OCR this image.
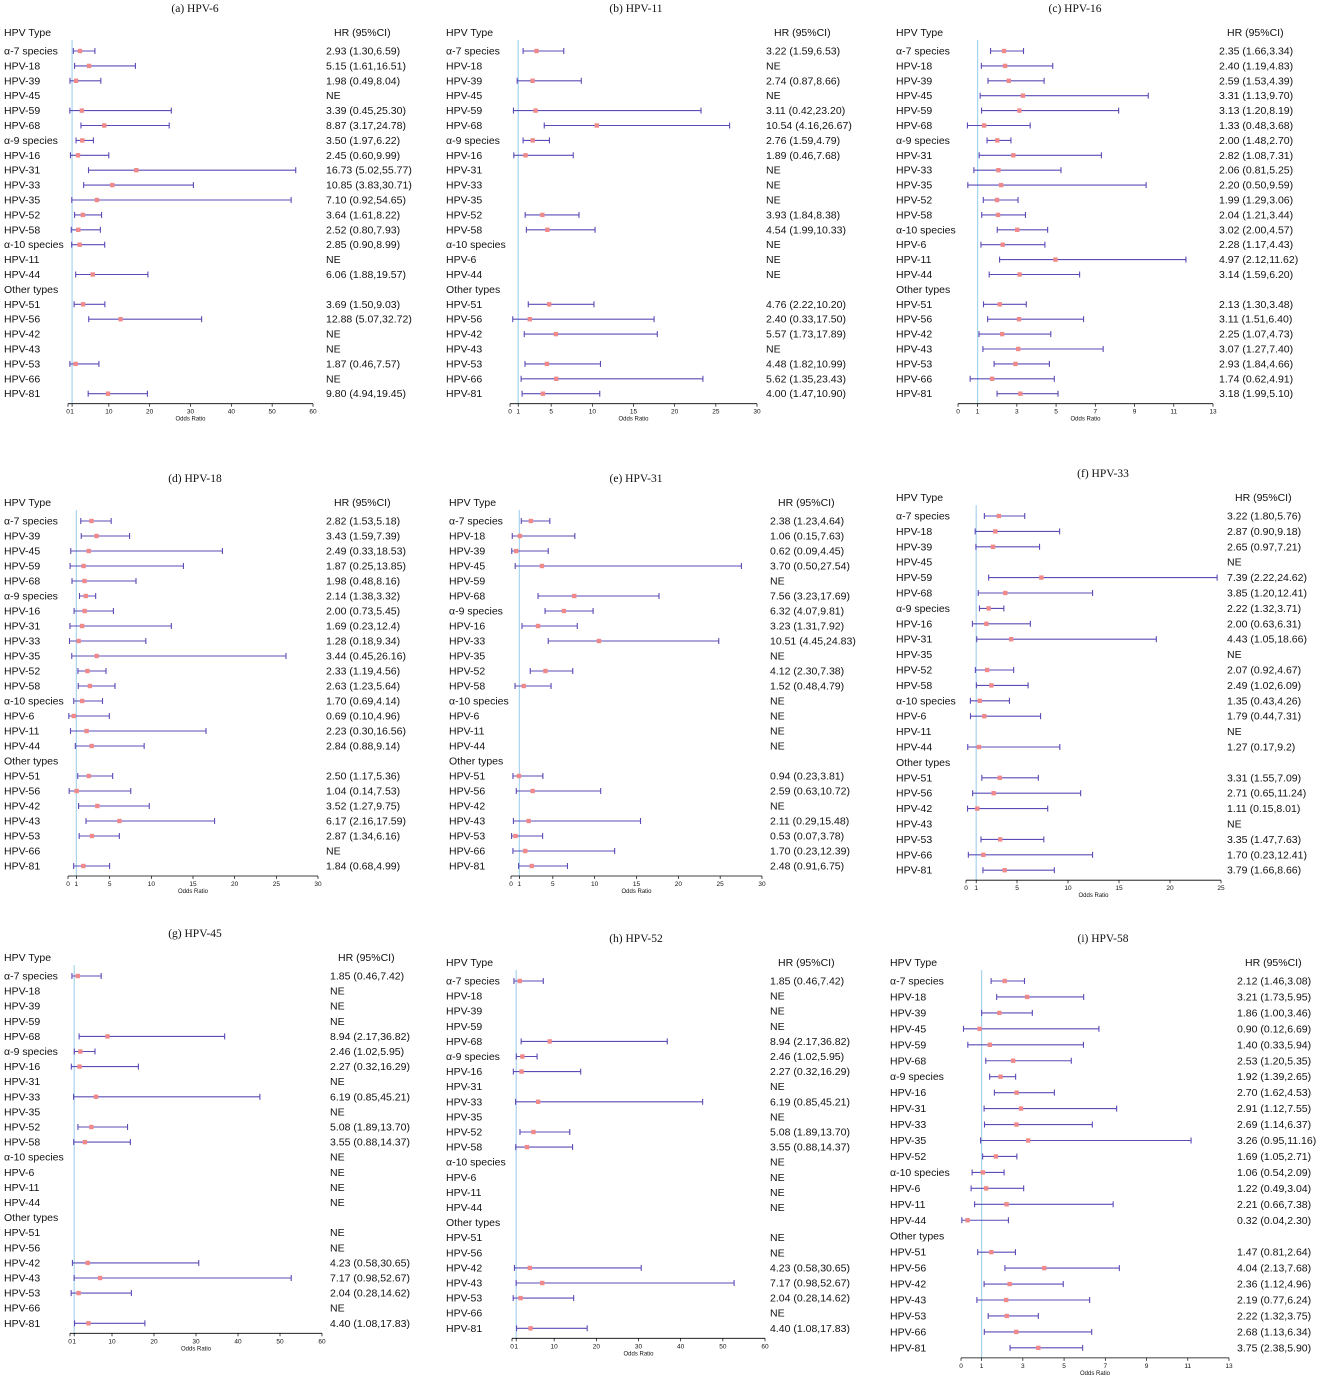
(a) HPV-6
HPV Type	HR (95%CI)
α-7 species	2.93 (1.30,6.59)
HPV-18	5.15 (1.61,16.51)
HPV-39	1.98 (0.49,8.04)
HPV-45	NE
HPV-59	3.39 (0.45,25.30)
HPV-68	8.87 (3.17,24.78)
α-9 species	3.50 (1.97,6.22)
HPV-16	2.45 (0.60,9.99)
HPV-31	16.73 (5.02,55.77)
HPV-33	10.85 (3.83,30.71)
HPV-35	7.10 (0.92,54.65)
HPV-52	3.64 (1.61,8.22)
HPV-58	2.52 (0.80,7.93)
α-10 species	2.85 (0.90,8.99)
HPV-11	NE
HPV-44	6.06 (1.88,19.57)
Other types
HPV-51	3.69 (1.50,9.03)
HPV-56	12.88 (5.07,32.72)
HPV-42	NE
HPV-43	NE
HPV-53	1.87 (0.46,7.57)
HPV-66	NE
HPV-81	9.80 (4.94,19.45)
0 1	10	20	30	40	50	60
Odds Ratio
(b) HPV-11
HPV Type	HR (95%CI)
α-7 species	3.22 (1.59,6.53)
HPV-18	NE
HPV-39	2.74 (0.87,8.66)
HPV-45	NE
HPV-59	3.11 (0.42,23.20)
HPV-68	10.54 (4.16,26.67)
α-9 species	2.76 (1.59,4.79)
HPV-16	1.89 (0.46,7.68)
HPV-31	NE
HPV-33	NE
HPV-35	NE
HPV-52	3.93 (1.84,8.38)
HPV-58	4.54 (1.99,10.33)
α-10 species	NE
HPV-6	NE
HPV-44	NE
Other types
HPV-51	4.76 (2.22,10.20)
HPV-56	2.40 (0.33,17.50)
HPV-42	5.57 (1.73,17.89)
HPV-43	NE
HPV-53	4.48 (1.82,10.99)
HPV-66	5.62 (1.35,23.43)
HPV-81	4.00 (1.47,10.90)
0 1	5	10	15	20	25	30
Odds Ratio
(c) HPV-16
HPV Type	HR (95%CI)
α-7 species	2.35 (1.66,3.34)
HPV-18	2.40 (1.19,4.83)
HPV-39	2.59 (1.53,4.39)
HPV-45	3.31 (1.13,9.70)
HPV-59	3.13 (1.20,8.19)
HPV-68	1.33 (0.48,3.68)
α-9 species	2.00 (1.48,2.70)
HPV-31	2.82 (1.08,7.31)
HPV-33	2.06 (0.81,5.25)
HPV-35	2.20 (0.50,9.59)
HPV-52	1.99 (1.29,3.06)
HPV-58	2.04 (1.21,3.44)
α-10 species	3.02 (2.00,4.57)
HPV-6	2.28 (1.17,4.43)
HPV-11	4.97 (2.12,11.62)
HPV-44	3.14 (1.59,6.20)
Other types
HPV-51	2.13 (1.30,3.48)
HPV-56	3.11 (1.51,6.40)
HPV-42	2.25 (1.07,4.73)
HPV-43	3.07 (1.27,7.40)
HPV-53	2.93 (1.84,4.66)
HPV-66	1.74 (0.62,4.91)
HPV-81	3.18 (1.99,5.10)
0 1	3	5	7	9	11	13
Odds Ratio
(d) HPV-18
HPV Type	HR (95%CI)
α-7 species	2.82 (1.53,5.18)
HPV-39	3.43 (1.59,7.39)
HPV-45	2.49 (0.33,18.53)
HPV-59	1.87 (0.25,13.85)
HPV-68	1.98 (0.48,8.16)
α-9 species	2.14 (1.38,3.32)
HPV-16	2.00 (0.73,5.45)
HPV-31	1.69 (0.23,12.4)
HPV-33	1.28 (0.18,9.34)
HPV-35	3.44 (0.45,26.16)
HPV-52	2.33 (1.19,4.56)
HPV-58	2.63 (1.23,5.64)
α-10 species	1.70 (0.69,4.14)
HPV-6	0.69 (0.10,4.96)
HPV-11	2.23 (0.30,16.56)
HPV-44	2.84 (0.88,9.14)
Other types
HPV-51	2.50 (1.17,5.36)
HPV-56	1.04 (0.14,7.53)
HPV-42	3.52 (1.27,9.75)
HPV-43	6.17 (2.16,17.59)
HPV-53	2.87 (1.34,6.16)
HPV-66	NE
HPV-81	1.84 (0.68,4.99)
0 1	5	10	15	20	25	30
Odds Ratio
(e) HPV-31
HPV Type	HR (95%CI)
α-7 species	2.38 (1.23,4.64)
HPV-18	1.06 (0.15,7.63)
HPV-39	0.62 (0.09,4.45)
HPV-45	3.70 (0.50,27.54)
HPV-59	NE
HPV-68	7.56 (3.23,17.69)
α-9 species	6.32 (4.07,9.81)
HPV-16	3.23 (1.31,7.92)
HPV-33	10.51 (4.45,24.83)
HPV-35	NE
HPV-52	4.12 (2.30,7.38)
HPV-58	1.52 (0.48,4.79)
α-10 species	NE
HPV-6	NE
HPV-11	NE
HPV-44	NE
Other types
HPV-51	0.94 (0.23,3.81)
HPV-56	2.59 (0.63,10.72)
HPV-42	NE
HPV-43	2.11 (0.29,15.48)
HPV-53	0.53 (0.07,3.78)
HPV-66	1.70 (0.23,12.39)
HPV-81	2.48 (0.91,6.75)
0 1	5	10	15	20	25	30
Odds Ratio
(f) HPV-33
HPV Type	HR (95%CI)
α-7 species	3.22 (1.80,5.76)
HPV-18	2.87 (0.90,9.18)
HPV-39	2.65 (0.97,7.21)
HPV-45	NE
HPV-59	7.39 (2.22,24.62)
HPV-68	3.85 (1.20,12.41)
α-9 species	2.22 (1.32,3.71)
HPV-16	2.00 (0.63,6.31)
HPV-31	4.43 (1.05,18.66)
HPV-35	NE
HPV-52	2.07 (0.92,4.67)
HPV-58	2.49 (1.02,6.09)
α-10 species	1.35 (0.43,4.26)
HPV-6	1.79 (0.44,7.31)
HPV-11	NE
HPV-44	1.27 (0.17,9.2)
Other types
HPV-51	3.31 (1.55,7.09)
HPV-56	2.71 (0.65,11.24)
HPV-42	1.11 (0.15,8.01)
HPV-43	NE
HPV-53	3.35 (1.47,7.63)
HPV-66	1.70 (0.23,12.41)
HPV-81	3.79 (1.66,8.66)
0 1	5	10	15	20	25
Odds Ratio
(g) HPV-45
HPV Type	HR (95%CI)
α-7 species	1.85 (0.46,7.42)
HPV-18	NE
HPV-39	NE
HPV-59	NE
HPV-68	8.94 (2.17,36.82)
α-9 species	2.46 (1.02,5.95)
HPV-16	2.27 (0.32,16.29)
HPV-31	NE
HPV-33	6.19 (0.85,45.21)
HPV-35	NE
HPV-52	5.08 (1.89,13.70)
HPV-58	3.55 (0.88,14.37)
α-10 species	NE
HPV-6	NE
HPV-11	NE
HPV-44	NE
Other types
HPV-51	NE
HPV-56	NE
HPV-42	4.23 (0.58,30.65)
HPV-43	7.17 (0.98,52.67)
HPV-53	2.04 (0.28,14.62)
HPV-66	NE
HPV-81	4.40 (1.08,17.83)
0 1	10	20	30	40	50	60
Odds Ratio
(h) HPV-52
HPV Type	HR (95%CI)
α-7 species	1.85 (0.46,7.42)
HPV-18	NE
HPV-39	NE
HPV-59	NE
HPV-68	8.94 (2.17,36.82)
α-9 species	2.46 (1.02,5.95)
HPV-16	2.27 (0.32,16.29)
HPV-31	NE
HPV-33	6.19 (0.85,45.21)
HPV-35	NE
HPV-52	5.08 (1.89,13.70)
HPV-58	3.55 (0.88,14.37)
α-10 species	NE
HPV-6	NE
HPV-11	NE
HPV-44	NE
Other types
HPV-51	NE
HPV-56	NE
HPV-42	4.23 (0.58,30.65)
HPV-43	7.17 (0.98,52.67)
HPV-53	2.04 (0.28,14.62)
HPV-66	NE
HPV-81	4.40 (1.08,17.83)
0 1	10	20	30	40	50	60
Odds Ratio
(i) HPV-58
HPV Type	HR (95%CI)
α-7 species	2.12 (1.46,3.08)
HPV-18	3.21 (1.73,5.95)
HPV-39	1.86 (1.00,3.46)
HPV-45	0.90 (0.12,6.69)
HPV-59	1.40 (0.33,5.94)
HPV-68	2.53 (1.20,5.35)
α-9 species	1.92 (1.39,2.65)
HPV-16	2.70 (1.62,4.53)
HPV-31	2.91 (1.12,7.55)
HPV-33	2.69 (1.14,6.37)
HPV-35	3.26 (0.95,11.16)
HPV-52	1.69 (1.05,2.71)
α-10 species	1.06 (0.54,2.09)
HPV-6	1.22 (0.49,3.04)
HPV-11	2.21 (0.66,7.38)
HPV-44	0.32 (0.04,2.30)
Other types
HPV-51	1.47 (0.81,2.64)
HPV-56	4.04 (2.13,7.68)
HPV-42	2.36 (1.12,4.96)
HPV-43	2.19 (0.77,6.24)
HPV-53	2.22 (1.32,3.75)
HPV-66	2.68 (1.13,6.34)
HPV-81	3.75 (2.38,5.90)
0	1	3	5	7	9	11	13
Odds Ratio
